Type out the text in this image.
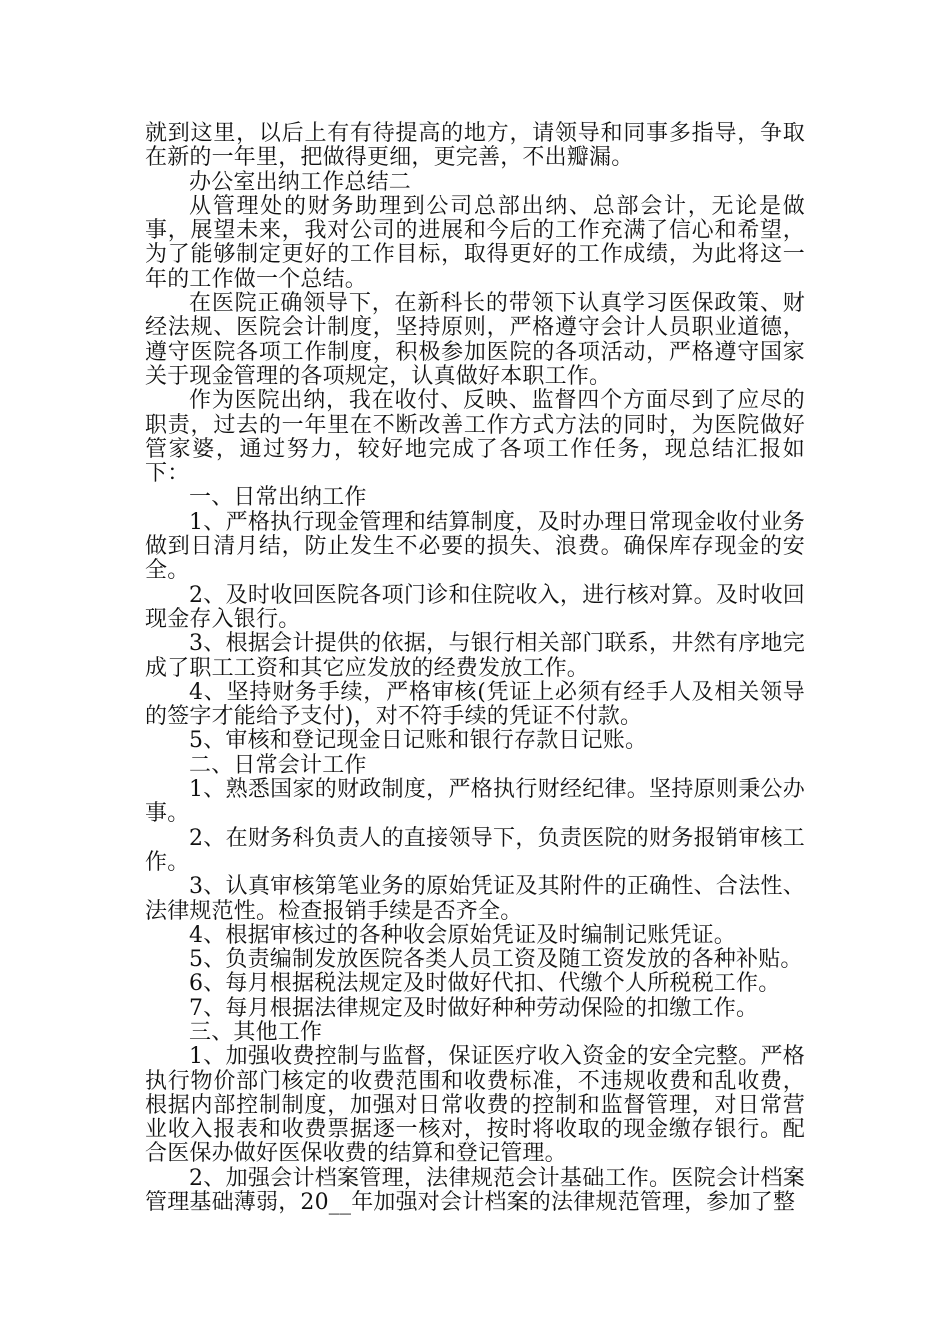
就到这里，以后上有有待提高的地方，请领导和同事多指导，争取在新的一年里，把做得更细，更完善，不出瓣漏。

办公室出纳工作总结二

从管理处的财务助理到公司总部出纳、总部会计，无论是做事，展望未来，我对公司的进展和今后的工作充满了信心和希望，为了能够制定更好的工作目标，取得更好的工作成绩，为此将这一年的工作做一个总结。

在医院正确领导下，在新科长的带领下认真学习医保政策、财经法规、医院会计制度，坚持原则，严格遵守会计人员职业道德，遵守医院各项工作制度，积极参加医院的各项活动，严格遵守国家关于现金管理的各项规定，认真做好本职工作。

作为医院出纳，我在收付、反映、监督四个方面尽到了应尽的职责，过去的一年里在不断改善工作方式方法的同时，为医院做好管家婆，通过努力，较好地完成了各项工作任务，现总结汇报如下：

一、日常出纳工作

1、严格执行现金管理和结算制度，及时办理日常现金收付业务做到日清月结，防止发生不必要的损失、浪费。确保库存现金的安全。

2、及时收回医院各项门诊和住院收入，进行核对算。及时收回现金存入银行。

3、根据会计提供的依据，与银行相关部门联系，井然有序地完成了职工工资和其它应发放的经费发放工作。

4、坚持财务手续，严格审核(凭证上必须有经手人及相关领导的签字才能给予支付)，对不符手续的凭证不付款。

5、审核和登记现金日记账和银行存款日记账。

二、日常会计工作

1、熟悉国家的财政制度，严格执行财经纪律。坚持原则秉公办事。

2、在财务科负责人的直接领导下，负责医院的财务报销审核工作。

3、认真审核第笔业务的原始凭证及其附件的正确性、合法性、法律规范性。检查报销手续是否齐全。

4、根据审核过的各种收会原始凭证及时编制记账凭证。

5、负责编制发放医院各类人员工资及随工资发放的各种补贴。

6、每月根据税法规定及时做好代扣、代缴个人所税税工作。

7、每月根据法律规定及时做好种种劳动保险的扣缴工作。

三、其他工作

1、加强收费控制与监督，保证医疗收入资金的安全完整。严格执行物价部门核定的收费范围和收费标准，不违规收费和乱收费，根据内部控制制度，加强对日常收费的控制和监督管理，对日常营业收入报表和收费票据逐一核对，按时将收取的现金缴存银行。配合医保办做好医保收费的结算和登记管理。

2、加强会计档案管理，法律规范会计基础工作。医院会计档案管理基础薄弱，20__年加强对会计档案的法律规范管理，参加了整
